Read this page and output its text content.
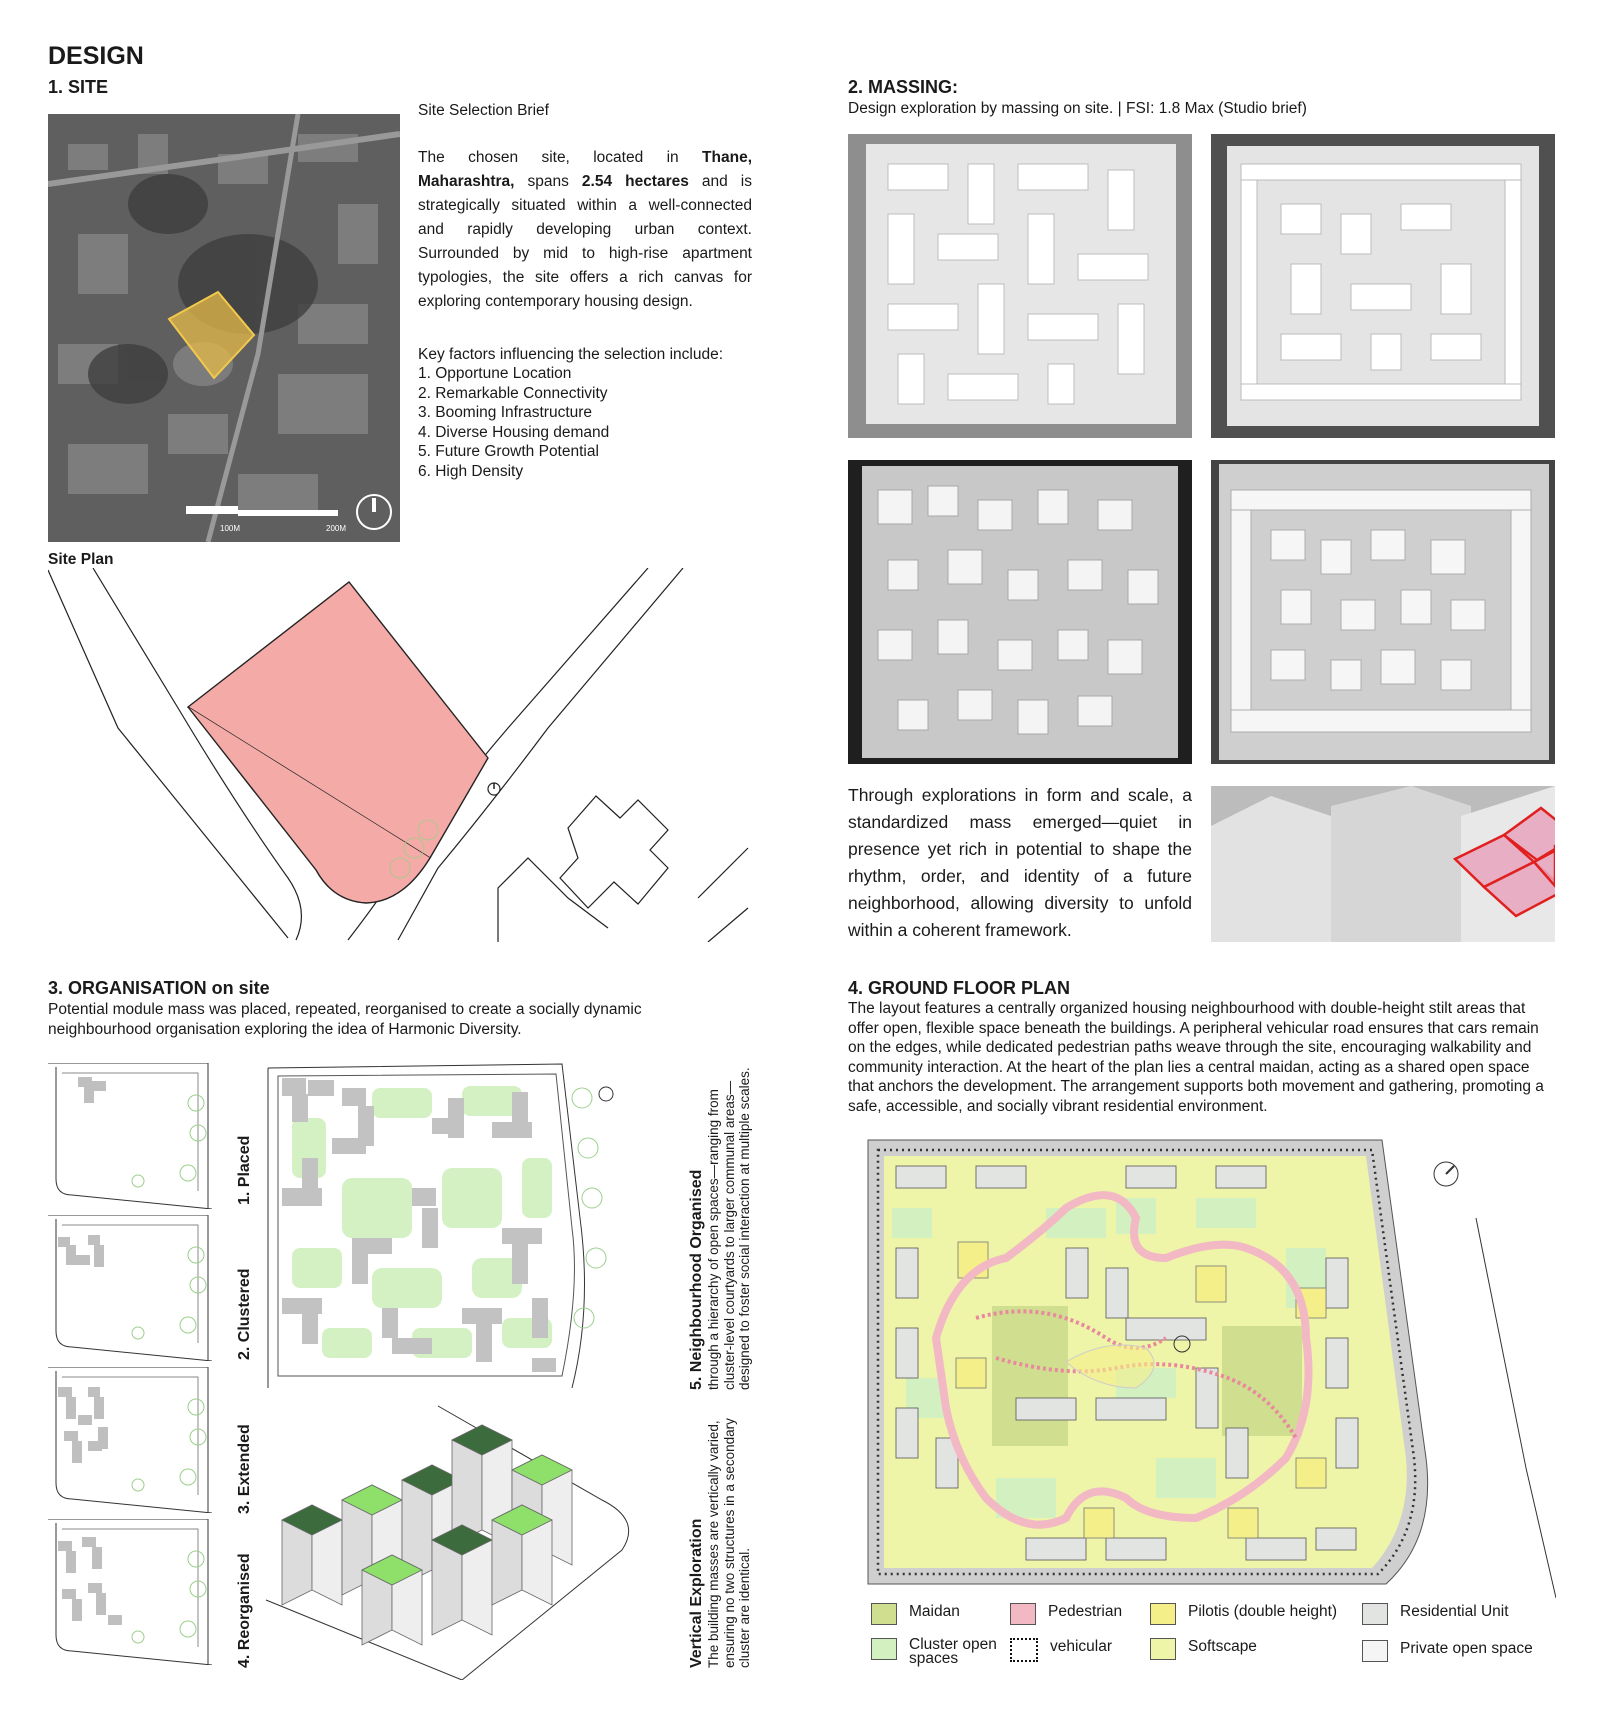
DESIGN
1. SITE
100M	200M
Site Selection Brief
The chosen site, located in Thane, Maharashtra, spans 2.54 hectares and is strategically situated within a well-connected and rapidly developing urban context. Surrounded by mid to high-rise apartment typologies, the site offers a rich canvas for exploring contemporary housing design.
Key factors influencing the selection include:
1. Opportune Location
2. Remarkable Connectivity
3. Booming Infrastructure
4. Diverse Housing demand
5. Future Growth Potential
6. High Density
Site Plan
2. MASSING:
Design exploration by massing on site. | FSI: 1.8 Max (Studio brief)
Through explorations in form and scale, a standardized mass emerged—quiet in presence yet rich in potential to shape the rhythm, order, and identity of a future neighborhood, allowing diversity to unfold within a coherent framework.
3. ORGANISATION on site
Potential module mass was placed, repeated, reorganised to create a socially dynamic neighbourhood organisation exploring the idea of Harmonic Diversity.
1. Placed
2. Clustered
3. Extended
4. Reorganised
5. Neighbourhood Organised through a hierarchy of open spaces—ranging from cluster-level courtyards to larger communal areas—designed to foster social interaction at multiple scales.
Vertical Exploration The building masses are vertically varied, ensuring no two structures in a secondary cluster are identical.
4. GROUND FLOOR PLAN
The layout features a centrally organized housing neighbourhood with double-height stilt areas that offer open, flexible space beneath the buildings. A peripheral vehicular road ensures that cars remain on the edges, while dedicated pedestrian paths weave through the site, encouraging walkability and community interaction. At the heart of the plan lies a central maidan, acting as a shared open space that anchors the development. The arrangement supports both movement and gathering, promoting a safe, accessible, and socially vibrant residential environment.
Maidan	Pedestrian	Pilotis (double height)	Residential Unit
Cluster open spaces
vehicular	Softscape	Private open space
